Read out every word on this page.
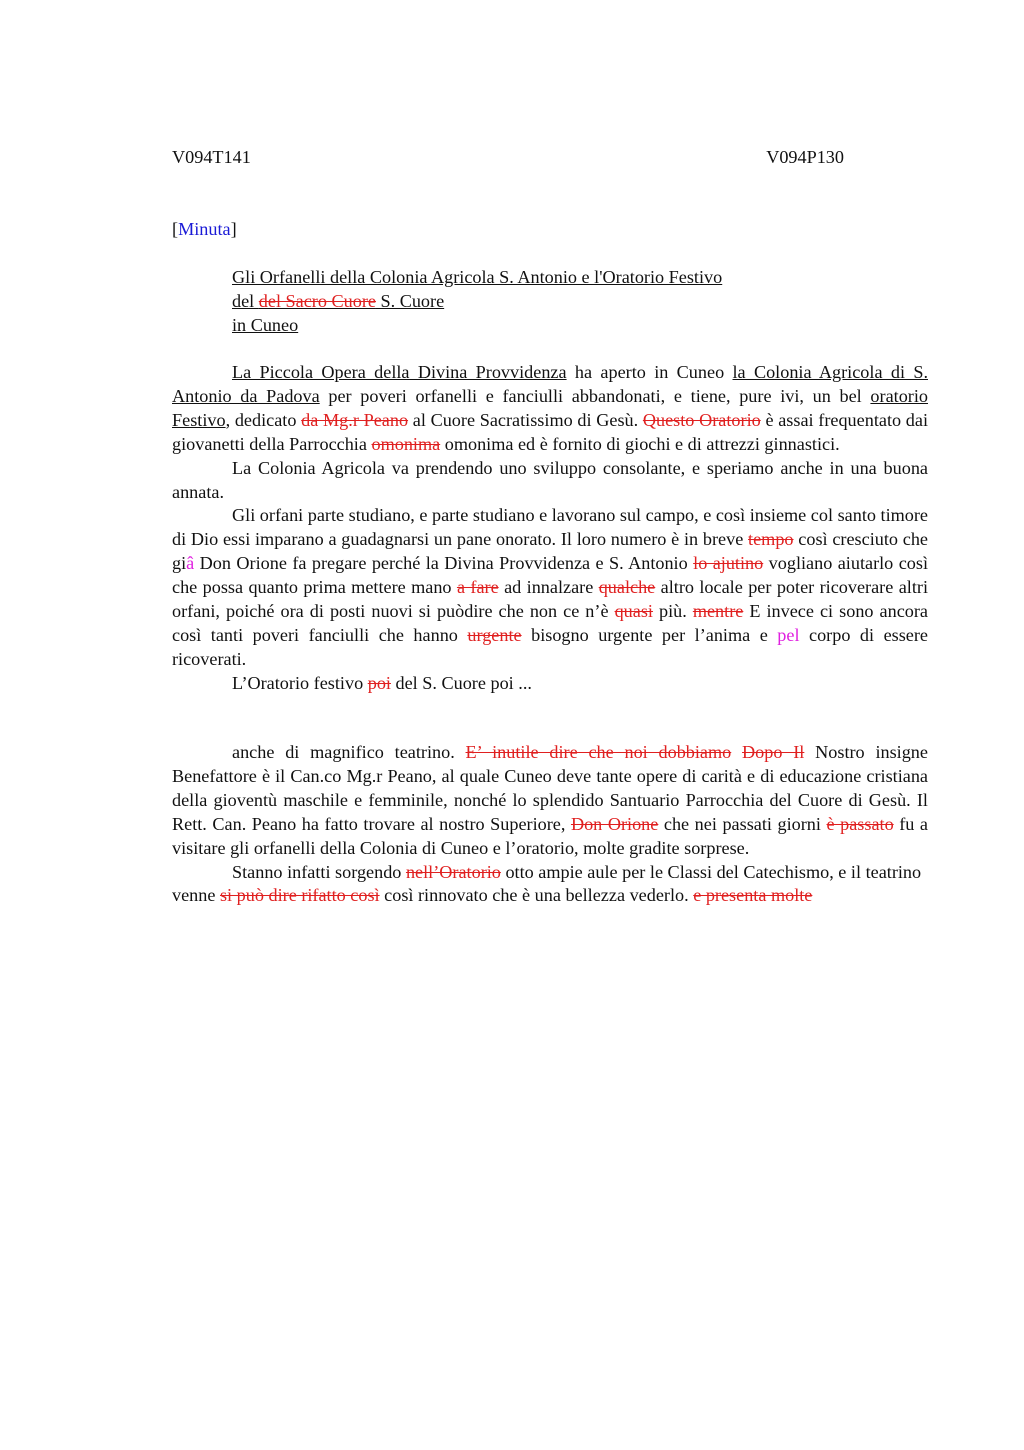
V094T141	V094P130
[Minuta]
Gli Orfanelli della Colonia Agricola S. Antonio e l'Oratorio Festivo
del del Sacro Cuore S. Cuore
in Cuneo

La Piccola Opera della Divina Provvidenza ha aperto in Cuneo la Colonia Agricola di S. Antonio da Padova per poveri orfanelli e fanciulli abbandonati, e tiene, pure ivi, un bel oratorio Festivo, dedicato da Mg.r Peano al Cuore Sacratissimo di Gesù. Questo Oratorio è assai frequentato dai giovanetti della Parrocchia omonima omonima ed è fornito di giochi e di attrezzi ginnastici.

La Colonia Agricola va prendendo uno sviluppo consolante, e speriamo anche in una buona annata.

Gli orfani parte studiano, e parte studiano e lavorano sul campo, e così insieme col santo timore di Dio essi imparano a guadagnarsi un pane onorato. Il loro numero è in breve tempo così cresciuto che giâ Don Orione fa pregare perché la Divina Provvidenza e S. Antonio lo ajutino vogliano aiutarlo così che possa quanto prima mettere mano a fare ad innalzare qualche altro locale per poter ricoverare altri orfani, poiché ora di posti nuovi si puòdire che non ce n’è quasi più. mentre E invece ci sono ancora così tanti poveri fanciulli che hanno urgente bisogno urgente per l’anima e pel corpo di essere ricoverati.

L’Oratorio festivo poi del S. Cuore poi ...

anche di magnifico teatrino. E’ inutile dire che noi dobbiamo Dopo Il Nostro insigne Benefattore è il Can.co Mg.r Peano, al quale Cuneo deve tante opere di carità e di educazione cristiana della gioventù maschile e femminile, nonché lo splendido Santuario Parrocchia del Cuore di Gesù. Il Rett. Can. Peano ha fatto trovare al nostro Superiore, Don Orione che nei passati giorni è passato fu a visitare gli orfanelli della Colonia di Cuneo e l’oratorio, molte gradite sorprese.

Stanno infatti sorgendo nell’Oratorio otto ampie aule per le Classi del Catechismo, e il teatrino venne si può dire rifatto così così rinnovato che è una bellezza vederlo. e presenta molte
